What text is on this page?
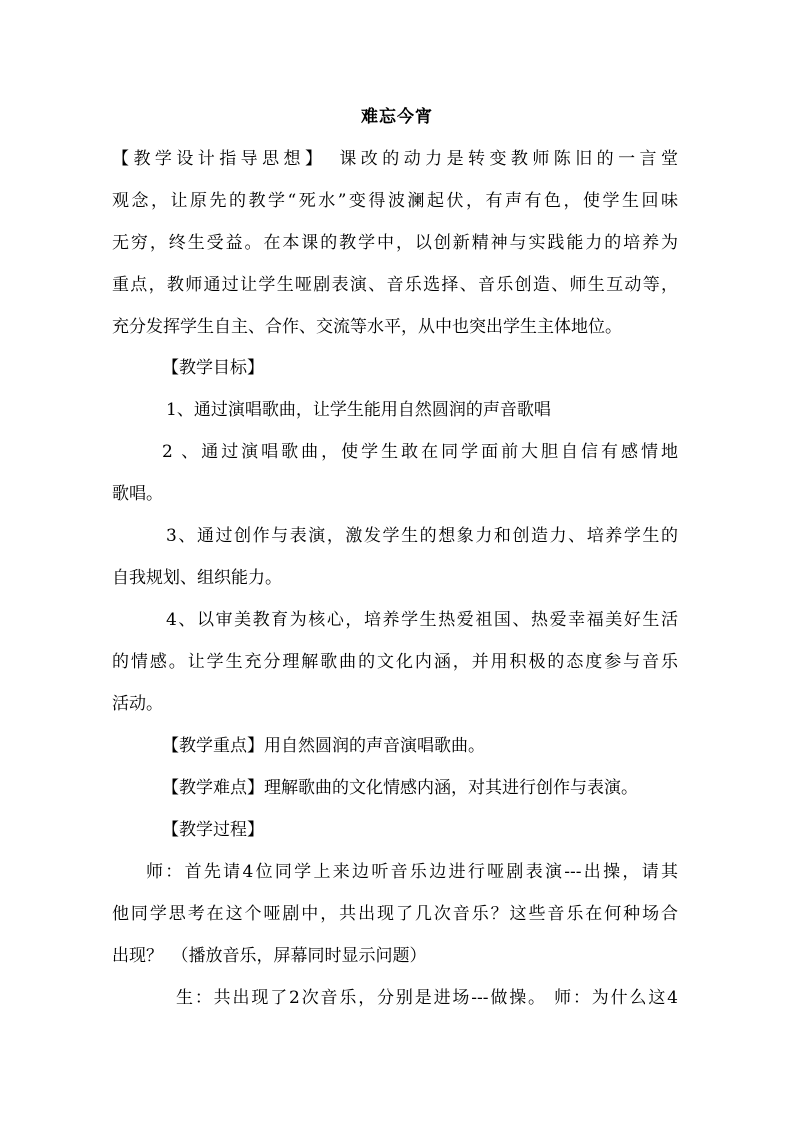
难忘今宵
【教学设计指导思想】　课改的动力是转变教师陈旧的一言堂
观念，让原先的教学“死水”变得波澜起伏，有声有色，使学生回味
无穷，终生受益。在本课的教学中，以创新精神与实践能力的培养为
重点，教师通过让学生哑剧表演、音乐选择、音乐创造、师生互动等，
充分发挥学生自主、合作、交流等水平，从中也突出学生主体地位。
【教学目标】
1、通过演唱歌曲，让学生能用自然圆润的声音歌唱
2 、通过演唱歌曲，使学生敢在同学面前大胆自信有感情地
歌唱。
3、通过创作与表演，激发学生的想象力和创造力、培养学生的
自我规划、组织能力。
4、以审美教育为核心，培养学生热爱祖国、热爱幸福美好生活
的情感。让学生充分理解歌曲的文化内涵，并用积极的态度参与音乐
活动。
【教学重点】用自然圆润的声音演唱歌曲。
【教学难点】理解歌曲的文化情感内涵，对其进行创作与表演。
【教学过程】
师：首先请4位同学上来边听音乐边进行哑剧表演---出操，请其
他同学思考在这个哑剧中，共出现了几次音乐？这些音乐在何种场合
出现？　（播放音乐，屏幕同时显示问题）
生：共出现了2次音乐，分别是进场---做操。 师：为什么这4
